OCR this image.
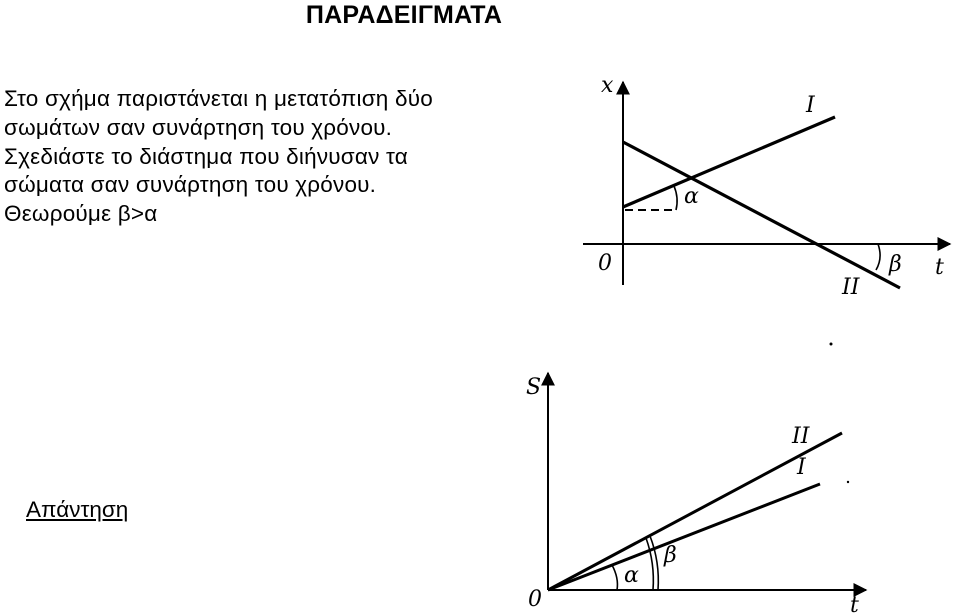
ΠΑΡΑΔΕΙΓΜΑΤΑ
Στο σχήμα παριστάνεται η μετατόπιση δύο
σωμάτων σαν συνάρτηση του χρόνου.
Σχεδιάστε το διάστημα που διήνυσαν τα
σώματα σαν συνάρτηση του χρόνου.
Θεωρούμε β>α
Απάντηση
x
t
0
I
II
α
β
S
t
0
II
I
α
β
